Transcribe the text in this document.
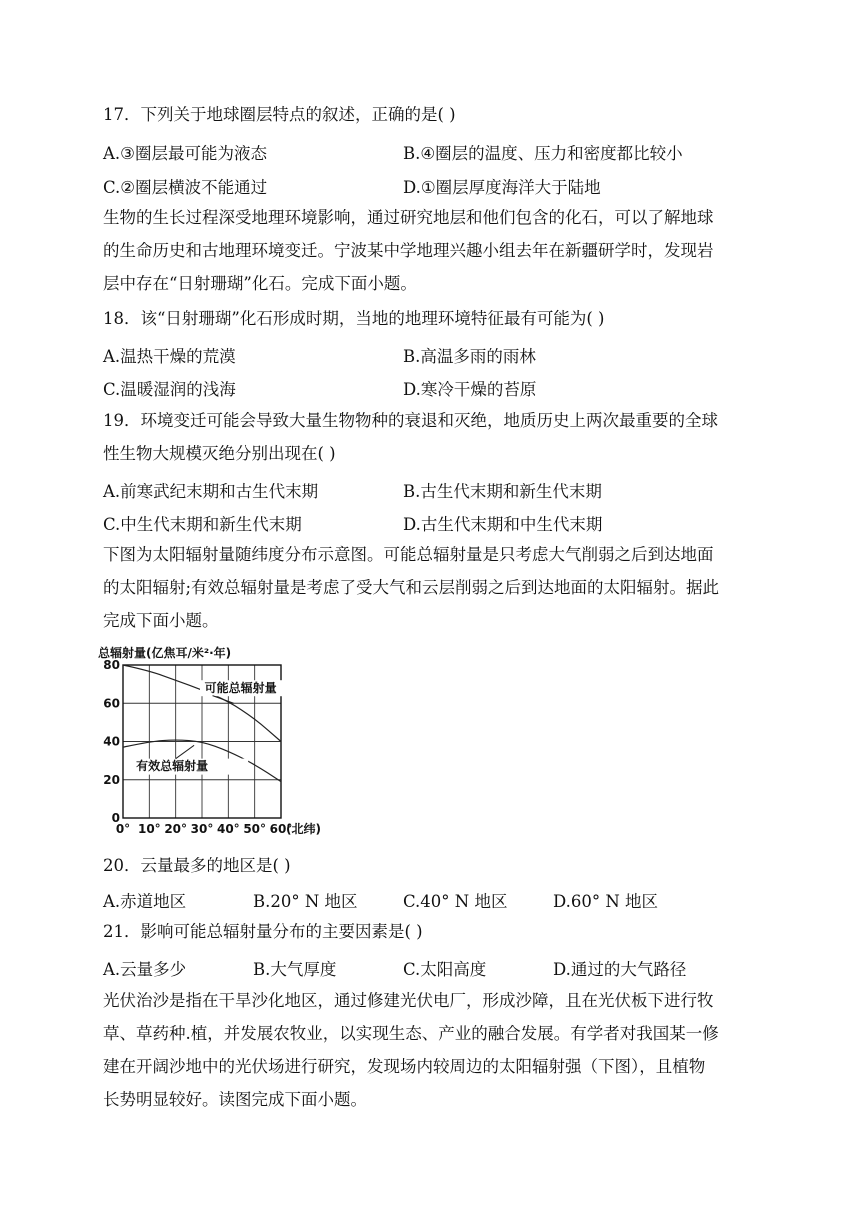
17．下列关于地球圈层特点的叙述，正确的是( )
A.③圈层最可能为液态	B.④圈层的温度、压力和密度都比较小
C.②圈层横波不能通过	D.①圈层厚度海洋大于陆地
生物的生长过程深受地理环境影响，通过研究地层和他们包含的化石，可以了解地球
的生命历史和古地理环境变迁。宁波某中学地理兴趣小组去年在新疆研学时，发现岩
层中存在“日射珊瑚”化石。完成下面小题。
18．该“日射珊瑚”化石形成时期，当地的地理环境特征最有可能为( )
A.温热干燥的荒漠	B.高温多雨的雨林
C.温暖湿润的浅海	D.寒冷干燥的苔原
19．环境变迁可能会导致大量生物物种的衰退和灭绝，地质历史上两次最重要的全球
性生物大规模灭绝分别出现在( )
A.前寒武纪末期和古生代末期	B.古生代末期和新生代末期
C.中生代末期和新生代末期	D.古生代末期和中生代末期
下图为太阳辐射量随纬度分布示意图。可能总辐射量是只考虑大气削弱之后到达地面
的太阳辐射;有效总辐射量是考虑了受大气和云层削弱之后到达地面的太阳辐射。据此
完成下面小题。
总辐射量(亿焦耳/米²·年)
0
20
40
60
80
0° 10° 20° 30° 40° 50° 60°
可能总辐射量
有效总辐射量
(北纬)
20．云量最多的地区是( )
A.赤道地区	B.20° N 地区	C.40° N 地区	D.60° N 地区
21．影响可能总辐射量分布的主要因素是( )
A.云量多少	B.大气厚度	C.太阳高度	D.通过的大气路径
光伏治沙是指在干旱沙化地区，通过修建光伏电厂，形成沙障，且在光伏板下进行牧
草、草药种.植，并发展农牧业，以实现生态、产业的融合发展。有学者对我国某一修
建在开阔沙地中的光伏场进行研究，发现场内较周边的太阳辐射强（下图），且植物
长势明显较好。读图完成下面小题。
